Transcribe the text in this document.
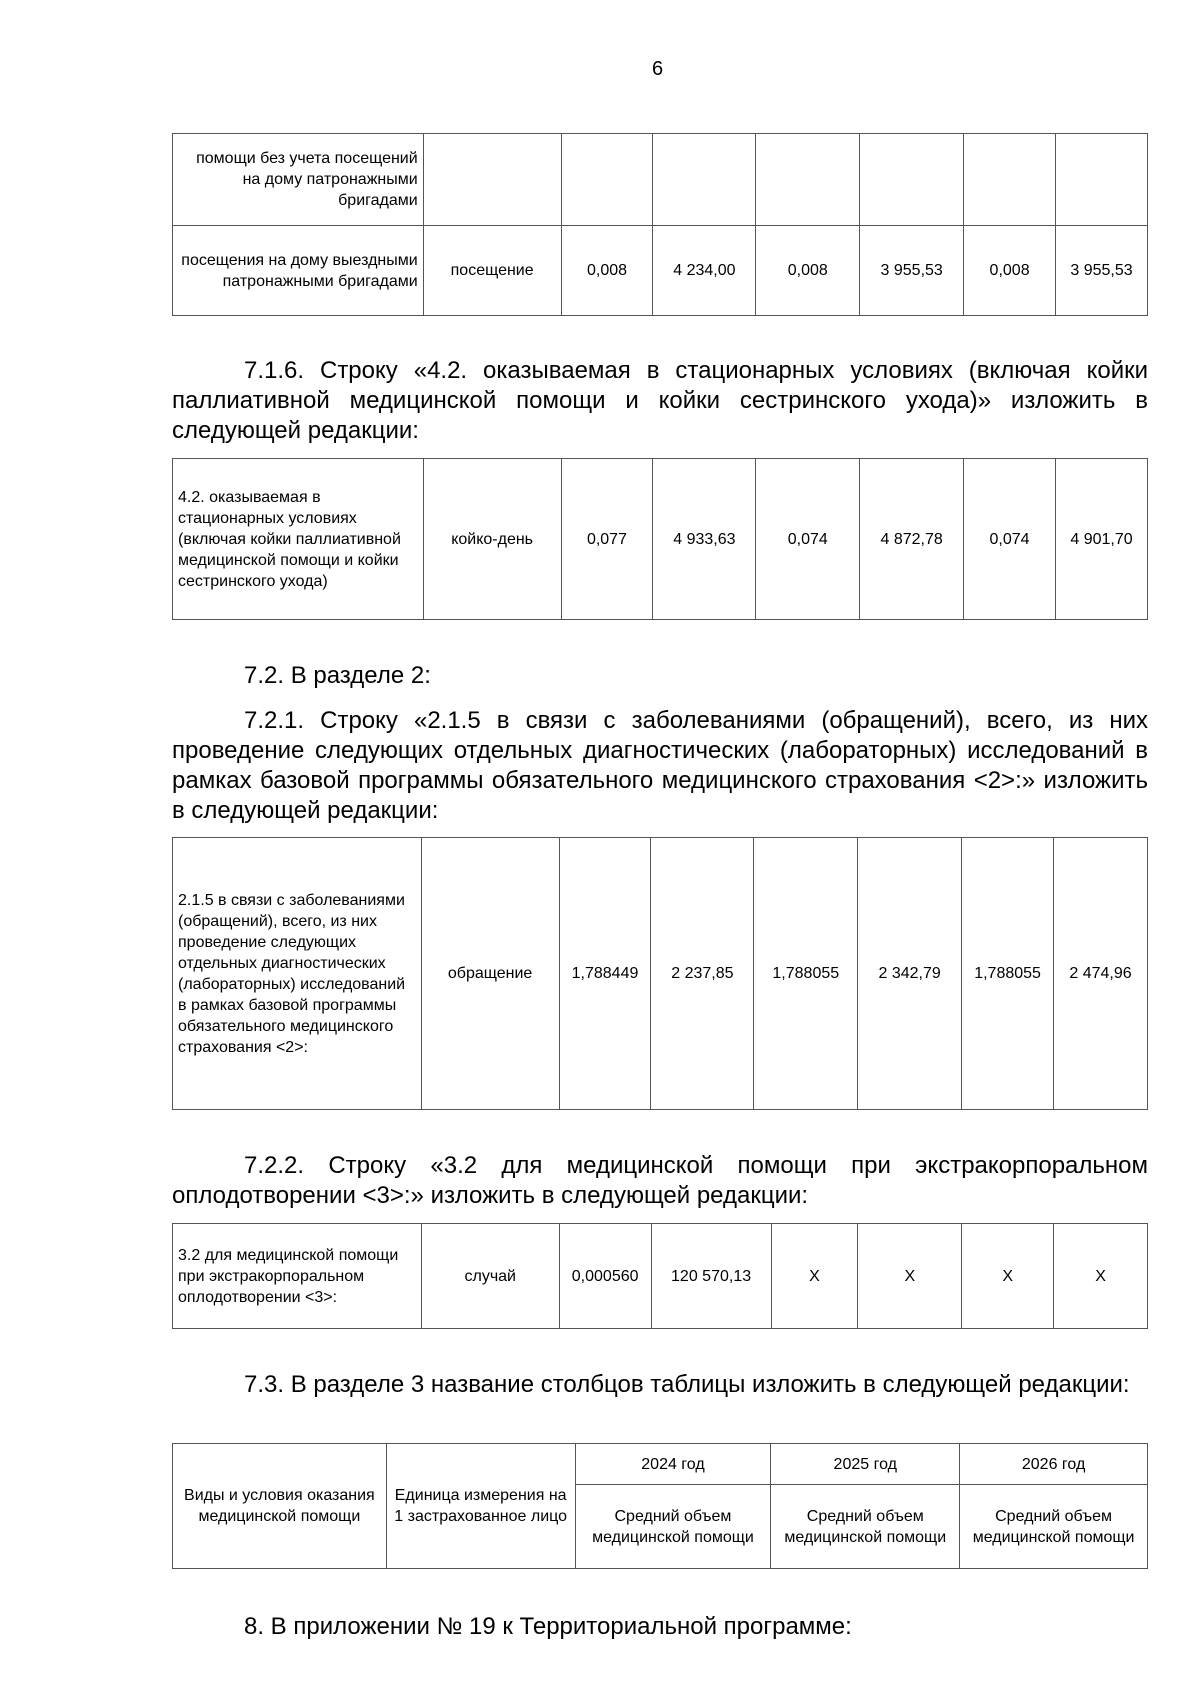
6
помощи без учета посещений на дому патронажными бригадами							
посещения на дому выездными патронажными бригадами	посещение	0,008	4 234,00	0,008	3 955,53	0,008	3 955,53

7.1.6. Строку «4.2. оказываемая в стационарных условиях (включая койки паллиативной медицинской помощи и койки сестринского ухода)» изложить в следующей редакции:

4.2. оказываемая в стационарных условиях (включая койки паллиативной медицинской помощи и койки сестринского ухода)	койко-день	0,077	4 933,63	0,074	4 872,78	0,074	4 901,70

7.2. В разделе 2:

7.2.1. Строку «2.1.5 в связи с заболеваниями (обращений), всего, из них проведение следующих отдельных диагностических (лабораторных) исследований в рамках базовой программы обязательного медицинского страхования <2>:» изложить в следующей редакции:

2.1.5 в связи с заболеваниями (обращений), всего, из них проведение следующих отдельных диагностических (лабораторных) исследований в рамках базовой программы обязательного медицинского страхования <2>:	обращение	1,788449	2 237,85	1,788055	2 342,79	1,788055	2 474,96

7.2.2. Строку «3.2 для медицинской помощи при экстракорпоральном оплодотворении <3>:» изложить в следующей редакции:

3.2 для медицинской помощи при экстракорпоральном оплодотворении <3>:	случай	0,000560	120 570,13	Х	Х	Х	Х

7.3. В разделе 3 название столбцов таблицы изложить в следующей редакции:

Виды и условия оказания медицинской помощи	Единица измерения на 1 застрахованное лицо	2024 год	2025 год	2026 год
		Средний объем медицинской помощи	Средний объем медицинской помощи	Средний объем медицинской помощи

8. В приложении № 19 к Территориальной программе:
